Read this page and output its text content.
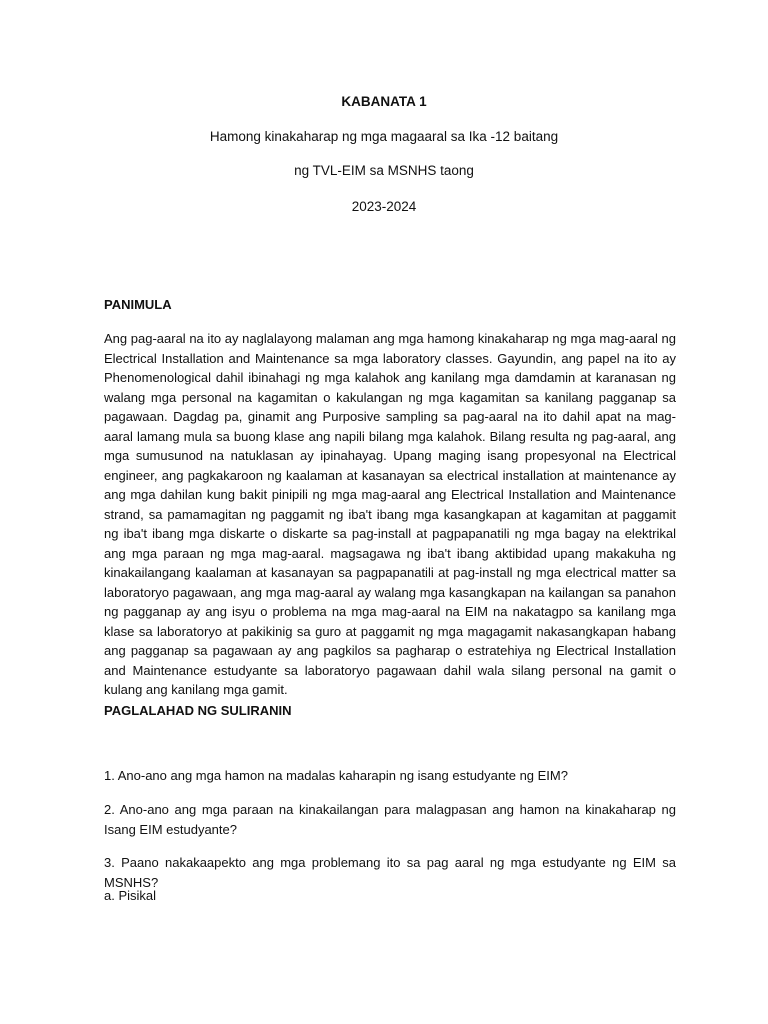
KABANATA 1
Hamong kinakaharap ng mga magaaral sa Ika -12 baitang
ng TVL-EIM sa MSNHS taong
2023-2024
PANIMULA

Ang pag-aaral na ito ay naglalayong malaman ang mga hamong kinakaharap ng mga mag-aaral ng Electrical Installation and Maintenance sa mga laboratory classes. Gayundin, ang papel na ito ay Phenomenological dahil ibinahagi ng mga kalahok ang kanilang mga damdamin at karanasan ng walang mga personal na kagamitan o kakulangan ng mga kagamitan sa kanilang pagganap sa pagawaan. Dagdag pa, ginamit ang Purposive sampling sa pag-aaral na ito dahil apat na mag-aaral lamang mula sa buong klase ang napili bilang mga kalahok. Bilang resulta ng pag-aaral, ang mga sumusunod na natuklasan ay ipinahayag. Upang maging isang propesyonal na Electrical engineer, ang pagkakaroon ng kaalaman at kasanayan sa electrical installation at maintenance ay ang mga dahilan kung bakit pinipili ng mga mag-aaral ang Electrical Installation and Maintenance strand, sa pamamagitan ng paggamit ng iba't ibang mga kasangkapan at kagamitan at paggamit ng iba't ibang mga diskarte o diskarte sa pag-install at pagpapanatili ng mga bagay na elektrikal ang mga paraan ng mga mag-aaral. magsagawa ng iba't ibang aktibidad upang makakuha ng kinakailangang kaalaman at kasanayan sa pagpapanatili at pag-install ng mga electrical matter sa laboratoryo pagawaan, ang mga mag-aaral ay walang mga kasangkapan na kailangan sa panahon ng pagganap ay ang isyu o problema na mga mag-aaral na EIM na nakatagpo sa kanilang mga klase sa laboratoryo at pakikinig sa guro at paggamit ng mga magagamit nakasangkapan habang ang pagganap sa pagawaan ay ang pagkilos sa pagharap o estratehiya ng Electrical Installation and Maintenance estudyante sa laboratoryo pagawaan dahil wala silang personal na gamit o kulang ang kanilang mga gamit.

PAGLALAHAD NG SULIRANIN

1. Ano-ano ang mga hamon na madalas kaharapin ng isang estudyante ng EIM?

2. Ano-ano ang mga paraan na kinakailangan para malagpasan ang hamon na kinakaharap ng Isang EIM estudyante?

3. Paano nakakaapekto ang mga problemang ito sa pag aaral ng mga estudyante ng EIM sa MSNHS?

a. Pisikal
